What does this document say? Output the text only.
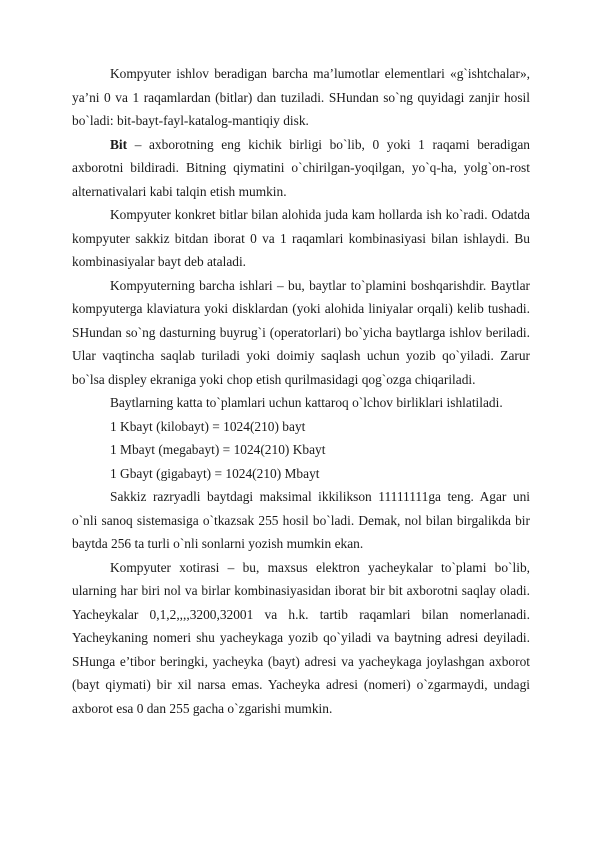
Kompyuter ishlov beradigan barcha ma’lumotlar elementlari «g`ishtchalar», ya’ni 0 va 1 raqamlardan (bitlar) dan tuziladi. SHundan so`ng quyidagi zanjir hosil bo`ladi: bit-bayt-fayl-katalog-mantiqiy disk.

Bit – axborotning eng kichik birligi bo`lib, 0 yoki 1 raqami beradigan axborotni bildiradi. Bitning qiymatini o`chirilgan-yoqilgan, yo`q-ha, yolg`on-rost alternativalari kabi talqin etish mumkin.

Kompyuter konkret bitlar bilan alohida juda kam hollarda ish ko`radi. Odatda kompyuter sakkiz bitdan iborat 0 va 1 raqamlari kombinasiyasi bilan ishlaydi. Bu kombinasiyalar bayt deb ataladi.

Kompyuterning barcha ishlari – bu, baytlar to`plamini boshqarishdir. Baytlar kompyuterga klaviatura yoki disklardan (yoki alohida liniyalar orqali) kelib tushadi. SHundan so`ng dasturning buyrug`i (operatorlari) bo`yicha baytlarga ishlov beriladi. Ular vaqtincha saqlab turiladi yoki doimiy saqlash uchun yozib qo`yiladi. Zarur bo`lsa displey ekraniga yoki chop etish qurilmasidagi qog`ozga chiqariladi.

Baytlarning katta to`plamlari uchun kattaroq o`lchov birliklari ishlatiladi.

1 Kbayt (kilobayt) = 1024(210) bayt

1 Mbayt (megabayt) = 1024(210) Kbayt

1 Gbayt (gigabayt) = 1024(210) Mbayt

Sakkiz razryadli baytdagi maksimal ikkilikson 11111111ga teng. Agar uni o`nli sanoq sistemasiga o`tkazsak 255 hosil bo`ladi. Demak, nol bilan birgalikda bir baytda 256 ta turli o`nli sonlarni yozish mumkin ekan.

Kompyuter xotirasi – bu, maxsus elektron yacheykalar to`plami bo`lib, ularning har biri nol va birlar kombinasiyasidan iborat bir bit axborotni saqlay oladi. Yacheykalar 0,1,2,,,,3200,32001 va h.k. tartib raqamlari bilan nomerlanadi. Yacheykaning nomeri shu yacheykaga yozib qo`yiladi va baytning adresi deyiladi. SHunga e’tibor beringki, yacheyka (bayt) adresi va yacheykaga joylashgan axborot (bayt qiymati) bir xil narsa emas. Yacheyka adresi (nomeri) o`zgarmaydi, undagi axborot esa 0 dan 255 gacha o`zgarishi mumkin.
